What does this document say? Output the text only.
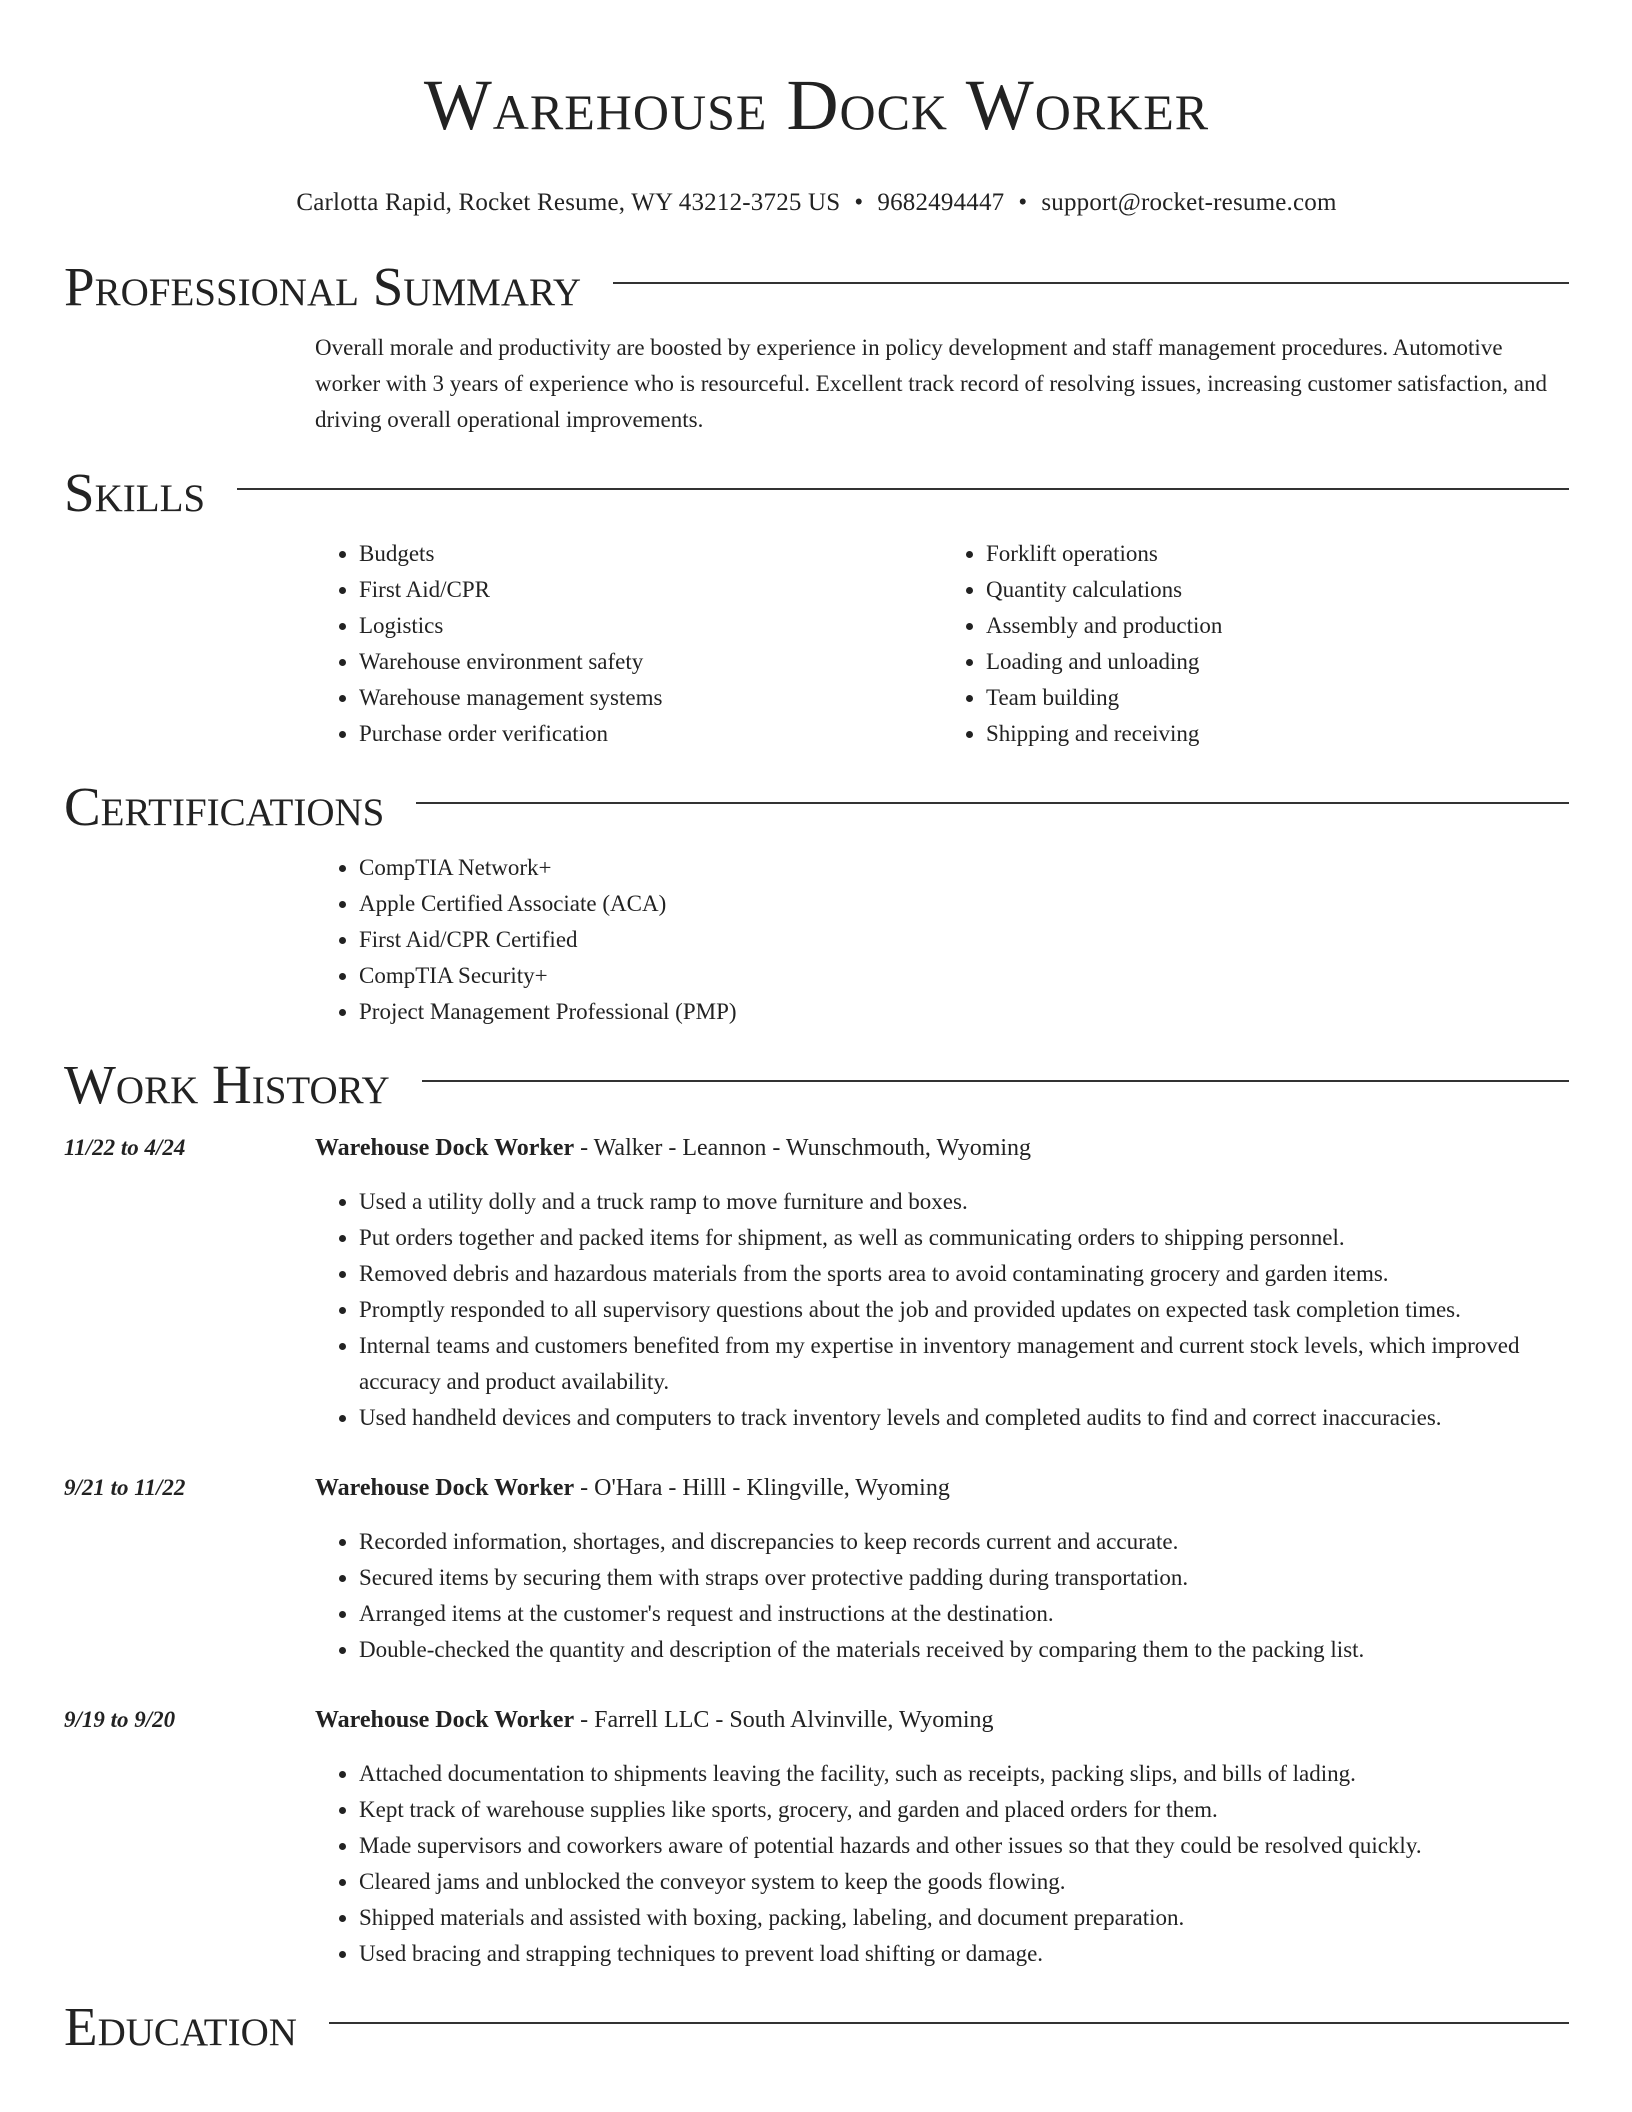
Warehouse Dock Worker
Carlotta Rapid, Rocket Resume, WY 43212-3725 US • 9682494447 • support@rocket-resume.com
Professional Summary

Overall morale and productivity are boosted by experience in policy development and staff management procedures. Automotive worker with 3 years of experience who is resourceful. Excellent track record of resolving issues, increasing customer satisfaction, and driving overall operational improvements.

Skills
• Budgets
• First Aid/CPR
• Logistics
• Warehouse environment safety
• Warehouse management systems
• Purchase order verification
• Forklift operations
• Quantity calculations
• Assembly and production
• Loading and unloading
• Team building
• Shipping and receiving
Certifications
• CompTIA Network+
• Apple Certified Associate (ACA)
• First Aid/CPR Certified
• CompTIA Security+
• Project Management Professional (PMP)
Work History
11/22 to 4/24	Warehouse Dock Worker - Walker - Leannon - Wunschmouth, Wyoming
• Used a utility dolly and a truck ramp to move furniture and boxes.
• Put orders together and packed items for shipment, as well as communicating orders to shipping personnel.
• Removed debris and hazardous materials from the sports area to avoid contaminating grocery and garden items.
• Promptly responded to all supervisory questions about the job and provided updates on expected task completion times.
• Internal teams and customers benefited from my expertise in inventory management and current stock levels, which improved accuracy and product availability.
• Used handheld devices and computers to track inventory levels and completed audits to find and correct inaccuracies.
9/21 to 11/22	Warehouse Dock Worker - O'Hara - Hilll - Klingville, Wyoming
• Recorded information, shortages, and discrepancies to keep records current and accurate.
• Secured items by securing them with straps over protective padding during transportation.
• Arranged items at the customer's request and instructions at the destination.
• Double-checked the quantity and description of the materials received by comparing them to the packing list.
9/19 to 9/20	Warehouse Dock Worker - Farrell LLC - South Alvinville, Wyoming
• Attached documentation to shipments leaving the facility, such as receipts, packing slips, and bills of lading.
• Kept track of warehouse supplies like sports, grocery, and garden and placed orders for them.
• Made supervisors and coworkers aware of potential hazards and other issues so that they could be resolved quickly.
• Cleared jams and unblocked the conveyor system to keep the goods flowing.
• Shipped materials and assisted with boxing, packing, labeling, and document preparation.
• Used bracing and strapping techniques to prevent load shifting or damage.
Education
